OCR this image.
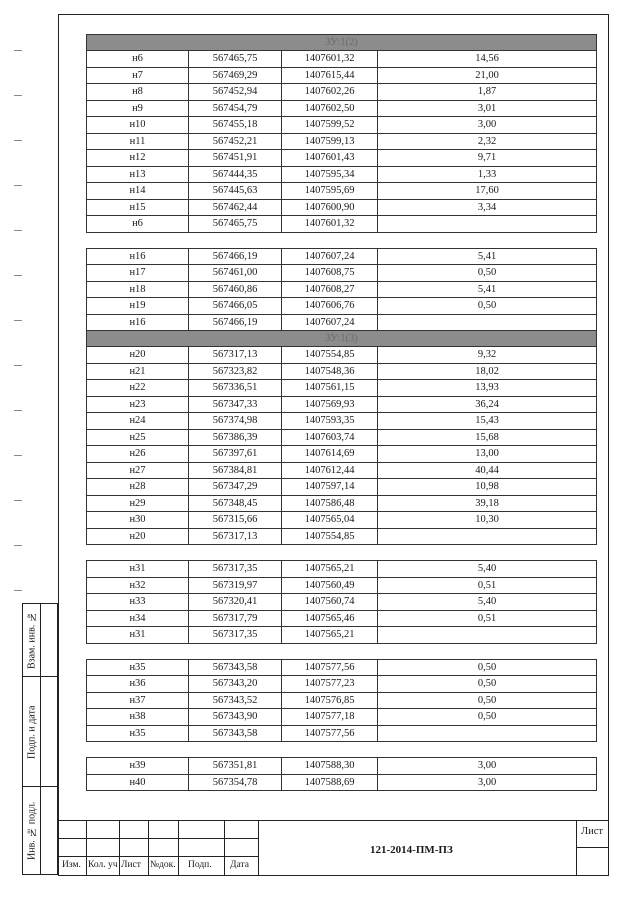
ЗУ:1(2)			
н6	567465,75	1407601,32	14,56
н7	567469,29	1407615,44	21,00
н8	567452,94	1407602,26	1,87
н9	567454,79	1407602,50	3,01
н10	567455,18	1407599,52	3,00
н11	567452,21	1407599,13	2,32
н12	567451,91	1407601,43	9,71
н13	567444,35	1407595,34	1,33
н14	567445,63	1407595,69	17,60
н15	567462,44	1407600,90	3,34
н6	567465,75	1407601,32	

н16	567466,19	1407607,24	5,41
н17	567461,00	1407608,75	0,50
н18	567460,86	1407608,27	5,41
н19	567466,05	1407606,76	0,50
н16	567466,19	1407607,24	
ЗУ:1(3)			
н20	567317,13	1407554,85	9,32
н21	567323,82	1407548,36	18,02
н22	567336,51	1407561,15	13,93
н23	567347,33	1407569,93	36,24
н24	567374,98	1407593,35	15,43
н25	567386,39	1407603,74	15,68
н26	567397,61	1407614,69	13,00
н27	567384,81	1407612,44	40,44
н28	567347,29	1407597,14	10,98
н29	567348,45	1407586,48	39,18
н30	567315,66	1407565,04	10,30
н20	567317,13	1407554,85	

н31	567317,35	1407565,21	5,40
н32	567319,97	1407560,49	0,51
н33	567320,41	1407560,74	5,40
н34	567317,79	1407565,46	0,51
н31	567317,35	1407565,21	

н35	567343,58	1407577,56	0,50
н36	567343,20	1407577,23	0,50
н37	567343,52	1407576,85	0,50
н38	567343,90	1407577,18	0,50
н35	567343,58	1407577,56	

н39	567351,81	1407588,30	3,00
н40	567354,78	1407588,69	3,00
Взам. инв. №
Подп. и дата
Инв. № подл.
Изм. Кол. уч Лист №док. Подп. Дата
121-2014-ПМ-ПЗ
Лист
